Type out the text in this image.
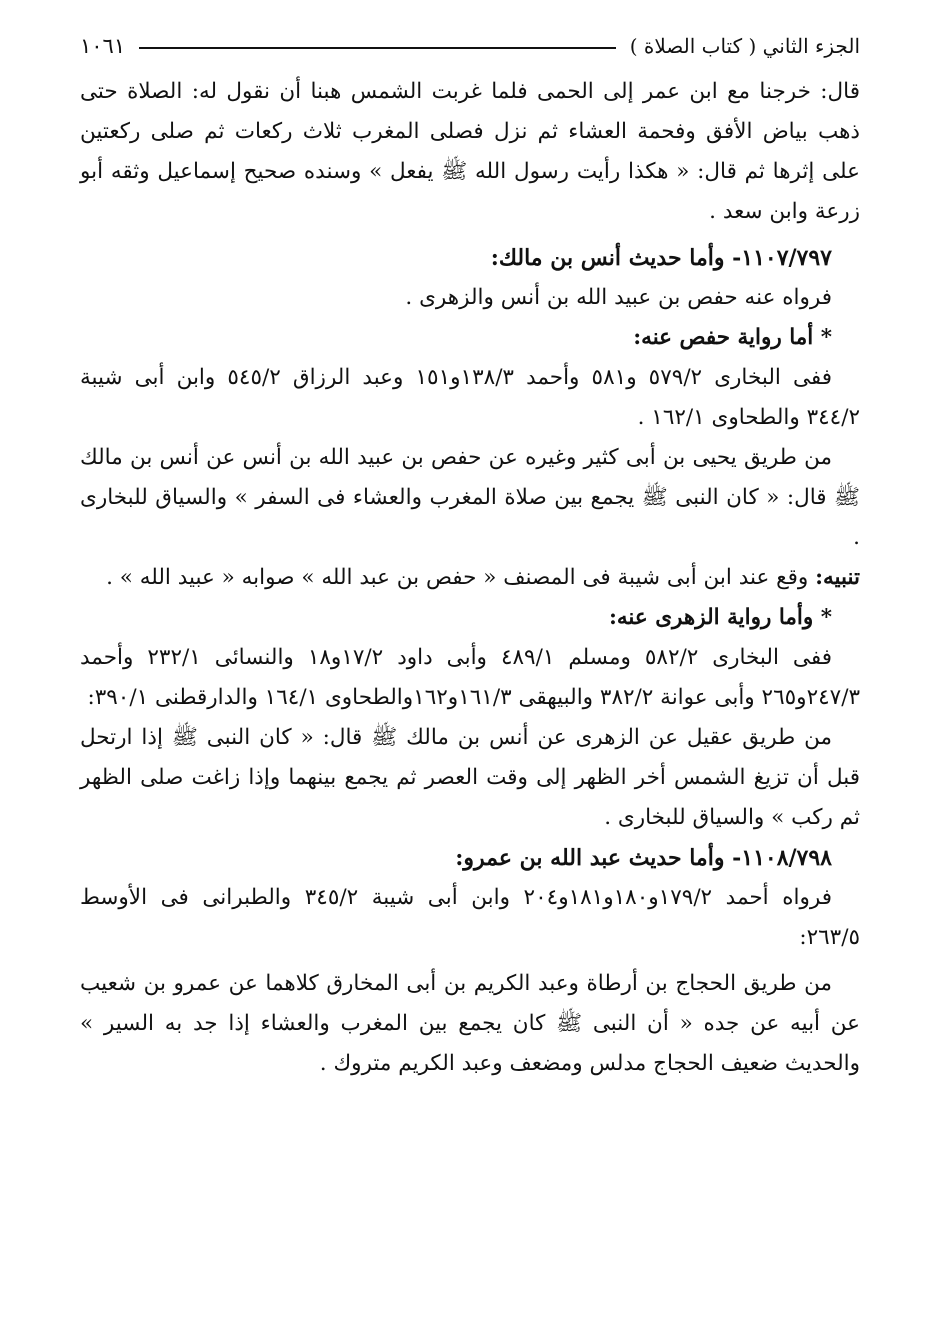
الجزء الثاني ( كتاب الصلاة )
١٠٦١

قال: خرجنا مع ابن عمر إلى الحمى فلما غربت الشمس هبنا أن نقول له: الصلاة حتى ذهب بياض الأفق وفحمة العشاء ثم نزل فصلى المغرب ثلاث ركعات ثم صلى ركعتين على إثرها ثم قال: « هكذا رأيت رسول الله ﷺ يفعل » وسنده صحيح إسماعيل وثقه أبو زرعة وابن سعد .

١١٠٧/٧٩٧- وأما حديث أنس بن مالك:

فرواه عنه حفص بن عبيد الله بن أنس والزهرى .

* أما رواية حفص عنه:

ففى البخارى ٥٧٩/٢ و٥٨١ وأحمد ١٣٨/٣و١٥١ وعبد الرزاق ٥٤٥/٢ وابن أبى شيبة ٣٤٤/٢ والطحاوى ١٦٢/١ .

من طريق يحيى بن أبى كثير وغيره عن حفص بن عبيد الله بن أنس عن أنس بن مالك ﷺ قال: « كان النبى ﷺ يجمع بين صلاة المغرب والعشاء فى السفر » والسياق للبخارى .

تنبيه: وقع عند ابن أبى شيبة فى المصنف « حفص بن عبد الله » صوابه « عبيد الله » .

* وأما رواية الزهرى عنه:

ففى البخارى ٥٨٢/٢ ومسلم ٤٨٩/١ وأبى داود ١٧/٢و١٨ والنسائى ٢٣٢/١ وأحمد ٢٤٧/٣و٢٦٥ وأبى عوانة ٣٨٢/٢ والبيهقى ١٦١/٣و١٦٢والطحاوى ١٦٤/١ والدارقطنى ٣٩٠/١:

من طريق عقيل عن الزهرى عن أنس بن مالك ﷺ قال: « كان النبى ﷺ إذا ارتحل قبل أن تزيغ الشمس أخر الظهر إلى وقت العصر ثم يجمع بينهما وإذا زاغت صلى الظهر ثم ركب » والسياق للبخارى .

١١٠٨/٧٩٨- وأما حديث عبد الله بن عمرو:

فرواه أحمد ١٧٩/٢و١٨٠و١٨١و٢٠٤ وابن أبى شيبة ٣٤٥/٢ والطبرانى فى الأوسط ٢٦٣/٥:

من طريق الحجاج بن أرطاة وعبد الكريم بن أبى المخارق كلاهما عن عمرو بن شعيب عن أبيه عن جده « أن النبى ﷺ كان يجمع بين المغرب والعشاء إذا جد به السير » والحديث ضعيف الحجاج مدلس ومضعف وعبد الكريم متروك .
